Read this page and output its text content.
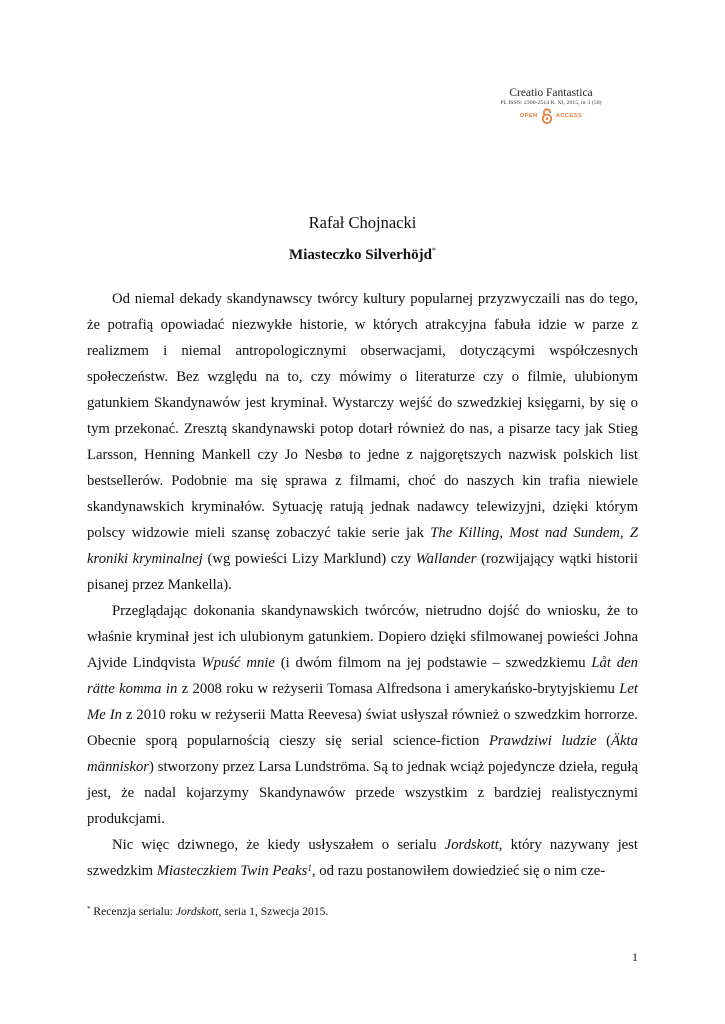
Creatio Fantastica
PL ISSN: 2300-2514 R. XI, 2015, nr 3 (50)
OPEN	ACCESS
Rafał Chojnacki
Miasteczko Silverhöjd*

Od niemal dekady skandynawscy twórcy kultury popularnej przyzwyczaili nas do tego, że potrafią opowiadać niezwykłe historie, w których atrakcyjna fabuła idzie w parze z realizmem i niemal antropologicznymi obserwacjami, dotyczącymi współczesnych społeczeństw. Bez względu na to, czy mówimy o literaturze czy o filmie, ulubionym gatunkiem Skandynawów jest kryminał. Wystarczy wejść do szwedzkiej księgarni, by się o tym przekonać. Zresztą skandynawski potop dotarł również do nas, a pisarze tacy jak Stieg Larsson, Henning Mankell czy Jo Nesbø to jedne z najgorętszych nazwisk polskich list bestsellerów. Podobnie ma się sprawa z filmami, choć do naszych kin trafia niewiele skandynawskich kryminałów. Sytuację ratują jednak nadawcy telewizyjni, dzięki którym polscy widzowie mieli szansę zobaczyć takie serie jak The Killing, Most nad Sundem, Z kroniki kryminalnej (wg powieści Lizy Marklund) czy Wallander (rozwijający wątki historii pisanej przez Mankella).

Przeglądając dokonania skandynawskich twórców, nietrudno dojść do wniosku, że to właśnie kryminał jest ich ulubionym gatunkiem. Dopiero dzięki sfilmowanej powieści Johna Ajvide Lindqvista Wpuść mnie (i dwóm filmom na jej podstawie – szwedzkiemu Låt den rätte komma in z 2008 roku w reżyserii Tomasa Alfredsona i amerykańsko-brytyjskiemu Let Me In z 2010 roku w reżyserii Matta Reevesa) świat usłyszał również o szwedzkim horrorze. Obecnie sporą popularnością cieszy się serial science-fiction Prawdziwi ludzie (Äkta människor) stworzony przez Larsa Lundströma. Są to jednak wciąż pojedyncze dzieła, regułą jest, że nadal kojarzymy Skandynawów przede wszystkim z bardziej realistycznymi produkcjami.

Nic więc dziwnego, że kiedy usłyszałem o serialu Jordskott, który nazywany jest szwedzkim Miasteczkiem Twin Peaks$^1$, od razu postanowiłem dowiedzieć się o nim cze-

* Recenzja serialu: Jordskott, seria 1, Szwecja 2015.
1
